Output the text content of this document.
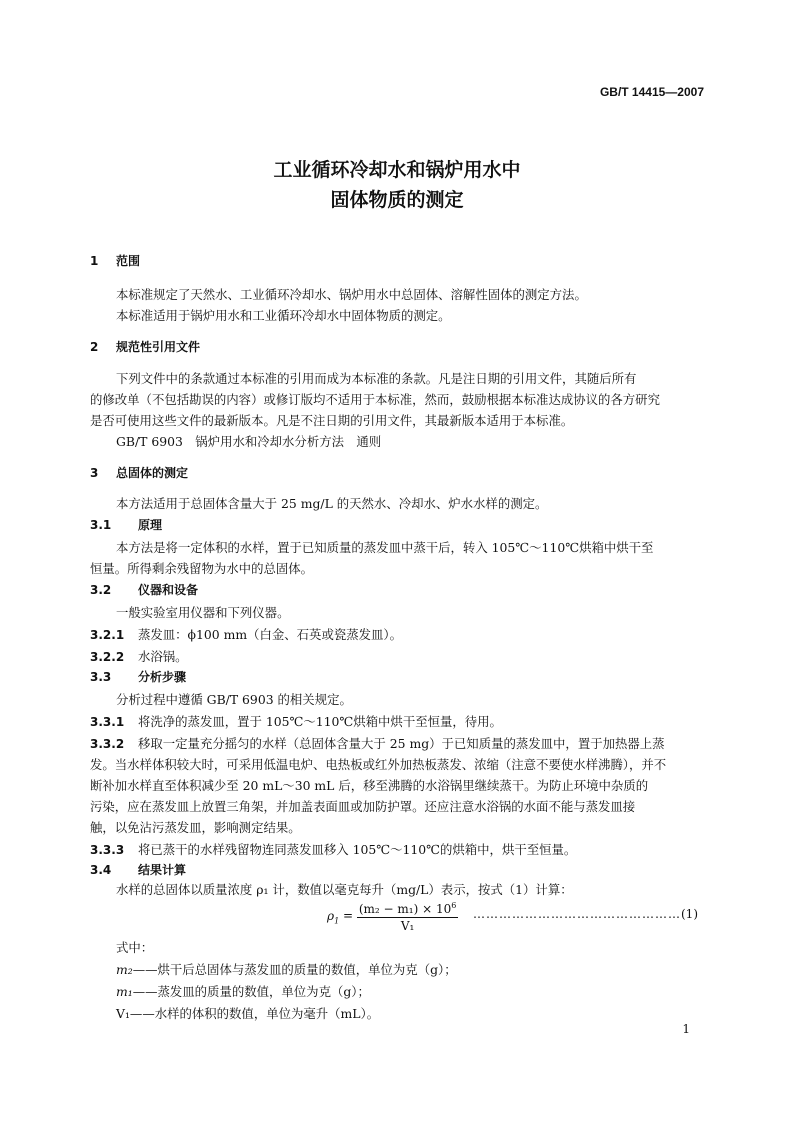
GB/T 14415—2007
工业循环冷却水和锅炉用水中
固体物质的测定
1 范围
本标准规定了天然水、工业循环冷却水、锅炉用水中总固体、溶解性固体的测定方法。
本标准适用于锅炉用水和工业循环冷却水中固体物质的测定。
2 规范性引用文件
下列文件中的条款通过本标准的引用而成为本标准的条款。凡是注日期的引用文件，其随后所有
的修改单（不包括勘误的内容）或修订版均不适用于本标准，然而，鼓励根据本标准达成协议的各方研究
是否可使用这些文件的最新版本。凡是不注日期的引用文件，其最新版本适用于本标准。
GB/T 6903　锅炉用水和冷却水分析方法　通则
3 总固体的测定
本方法适用于总固体含量大于 25 mg/L 的天然水、冷却水、炉水水样的测定。
3.1 原理
本方法是将一定体积的水样，置于已知质量的蒸发皿中蒸干后，转入 105℃～110℃烘箱中烘干至
恒量。所得剩余残留物为水中的总固体。
3.2 仪器和设备
一般实验室用仪器和下列仪器。
3.2.1 蒸发皿：ϕ100 mm（白金、石英或瓷蒸发皿）。
3.2.2 水浴锅。
3.3 分析步骤
分析过程中遵循 GB/T 6903 的相关规定。
3.3.1 将洗净的蒸发皿，置于 105℃～110℃烘箱中烘干至恒量，待用。
3.3.2 移取一定量充分摇匀的水样（总固体含量大于 25 mg）于已知质量的蒸发皿中，置于加热器上蒸
发。当水样体积较大时，可采用低温电炉、电热板或红外加热板蒸发、浓缩（注意不要使水样沸腾），并不
断补加水样直至体积减少至 20 mL～30 mL 后，移至沸腾的水浴锅里继续蒸干。为防止环境中杂质的
污染，应在蒸发皿上放置三角架，并加盖表面皿或加防护罩。还应注意水浴锅的水面不能与蒸发皿接
触，以免沾污蒸发皿，影响测定结果。
3.3.3 将已蒸干的水样残留物连同蒸发皿移入 105℃～110℃的烘箱中，烘干至恒量。
3.4 结果计算
水样的总固体以质量浓度 ρ₁ 计，数值以毫克每升（mg/L）表示，按式（1）计算：
$\rho_1 = \frac{(m_2 - m_1) \times 10^6}{\text{V₁}}$ …………………………………………(1)
式中：
m₂——烘干后总固体与蒸发皿的质量的数值，单位为克（g）；
m₁——蒸发皿的质量的数值，单位为克（g）；
V₁——水样的体积的数值，单位为毫升（mL）。
1
